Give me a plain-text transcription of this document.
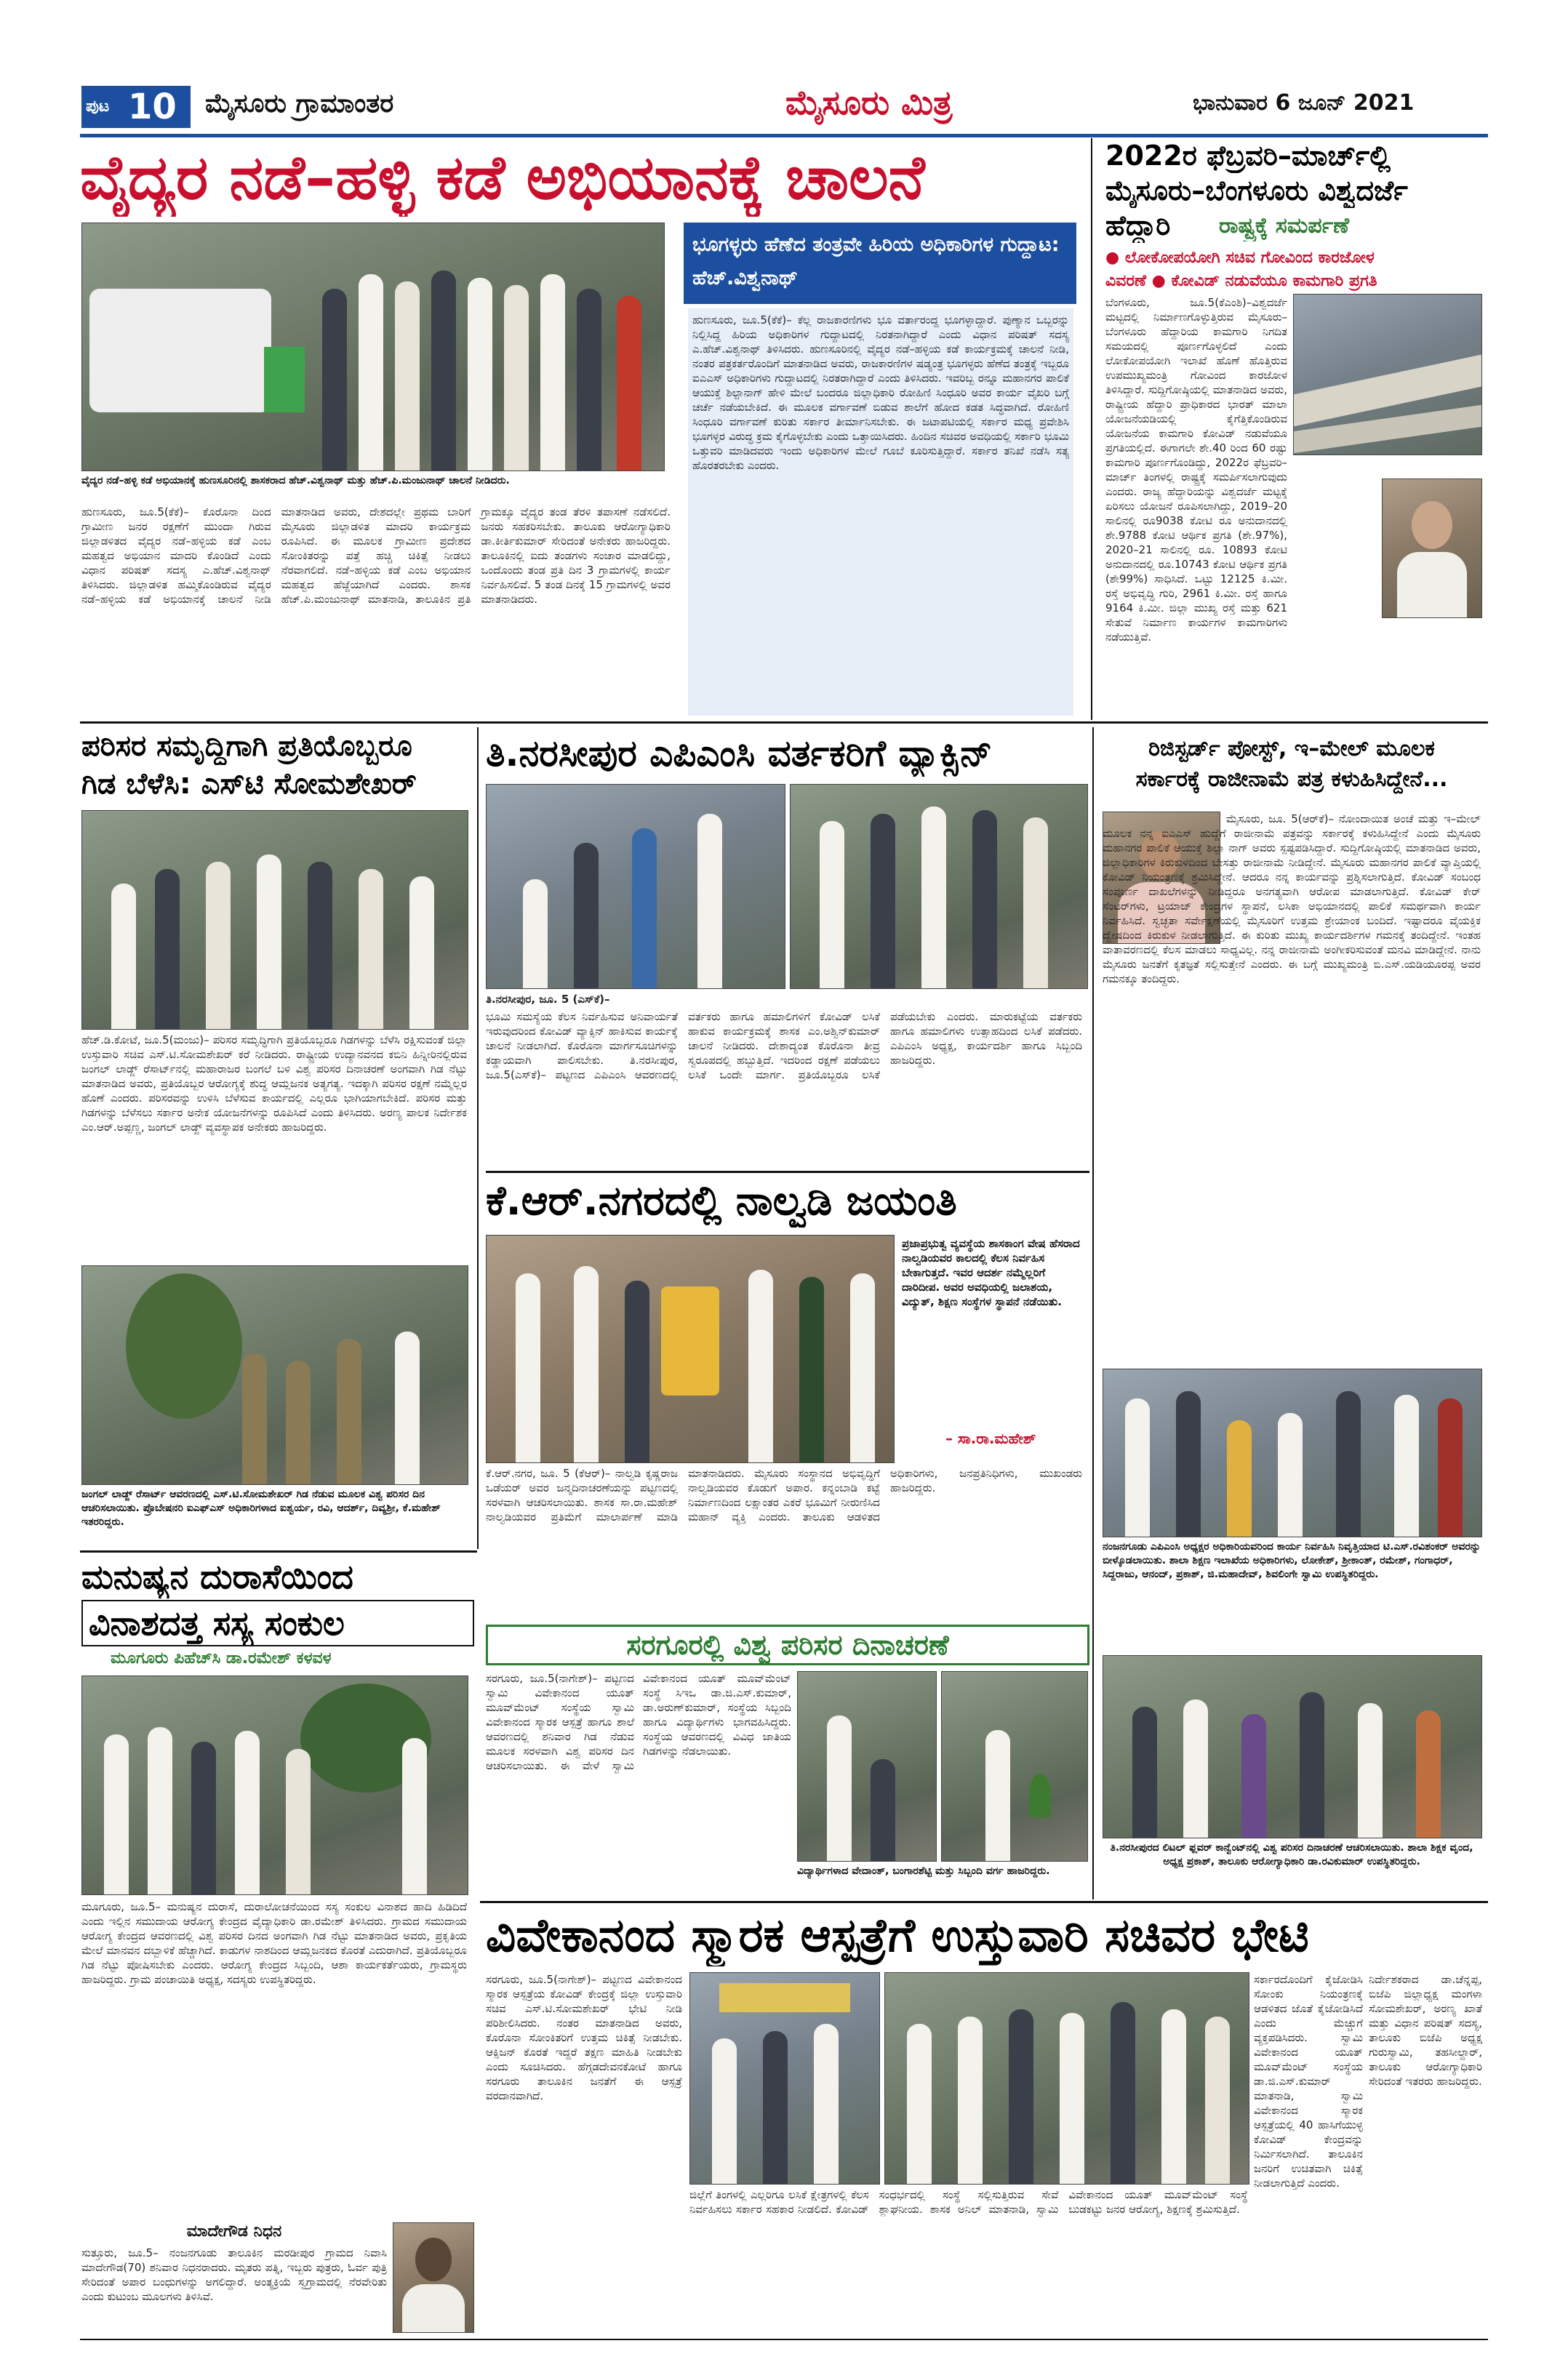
ಪುಟ 10 ಮೈಸೂರು ಗ್ರಾಮಾಂತರ	ಮೈಸೂರು ಮಿತ್ರ	ಭಾನುವಾರ 6 ಜೂನ್ 2021
ವೈದ್ಯರ ನಡೆ–ಹಳ್ಳಿ ಕಡೆ ಅಭಿಯಾನಕ್ಕೆ ಚಾಲನೆ
ವೈದ್ಯರ ನಡೆ–ಹಳ್ಳಿ ಕಡೆ ಅಭಿಯಾನಕ್ಕೆ ಹುಣಸೂರಿನಲ್ಲಿ ಶಾಸಕರಾದ ಹೆಚ್.ವಿಶ್ವನಾಥ್ ಮತ್ತು ಹೆಚ್.ಪಿ.ಮಂಜುನಾಥ್ ಚಾಲನೆ ನೀಡಿದರು.
ಹುಣಸೂರು, ಜೂ.5(ಕೆಕೆ)– ಕೊರೊನಾ ದಿಂದ ಗ್ರಾಮೀಣ ಜನರ ರಕ್ಷಣೆಗೆ ಮುಂದಾ ಗಿರುವ ಜಿಲ್ಲಾಡಳಿತದ ವೈದ್ಯರ ನಡೆ–ಹಳ್ಳಿಯ ಕಡೆ ಎಂಬ ಮಹತ್ವದ ಅಭಿಯಾನ ಮಾದರಿ ಕೊಂಡಿದೆ ಎಂದು ವಿಧಾನ ಪರಿಷತ್ ಸದಸ್ಯ ಎ.ಹೆಚ್.ವಿಶ್ವನಾಥ್ ತಿಳಿಸಿದರು. ಜಿಲ್ಲಾಡಳಿತ ಹಮ್ಮಿಕೊಂಡಿರುವ ವೈದ್ಯರ ನಡೆ–ಹಳ್ಳಿಯ ಕಡೆ ಅಭಿಯಾನಕ್ಕೆ ಚಾಲನೆ ನೀಡಿ ಮಾತನಾಡಿದ ಅವರು, ದೇಶದಲ್ಲೇ ಪ್ರಥಮ ಬಾರಿಗೆ ಮೈಸೂರು ಜಿಲ್ಲಾಡಳಿತ ಮಾದರಿ ಕಾರ್ಯಕ್ರಮ ರೂಪಿಸಿದೆ. ಈ ಮೂಲಕ ಗ್ರಾಮೀಣ ಪ್ರದೇಶದ ಸೋಂಕಿತರನ್ನು ಪತ್ತೆ ಹಚ್ಚಿ ಚಿಕಿತ್ಸೆ ನೀಡಲು ನೆರವಾಗಲಿದೆ. ನಡೆ–ಹಳ್ಳಿಯ ಕಡೆ ಎಂಬ ಅಭಿಯಾನ ಮಹತ್ವದ ಹೆಜ್ಜೆಯಾಗಿದೆ ಎಂದರು. ಶಾಸಕ ಹೆಚ್.ಪಿ.ಮಂಜುನಾಥ್ ಮಾತನಾಡಿ, ತಾಲೂಕಿನ ಪ್ರತಿ ಗ್ರಾಮಕ್ಕೂ ವೈದ್ಯರ ತಂಡ ತೆರಳಿ ತಪಾಸಣೆ ನಡೆಸಲಿದೆ. ಜನರು ಸಹಕರಿಸಬೇಕು. ತಾಲೂಕು ಆರೋಗ್ಯಾಧಿಕಾರಿ ಡಾ.ಕೀರ್ತಿಕುಮಾರ್ ಸೇರಿದಂತೆ ಅನೇಕರು ಹಾಜರಿದ್ದರು. ತಾಲೂಕಿನಲ್ಲಿ ಐದು ತಂಡಗಳು ಸಂಚಾರ ಮಾಡಲಿದ್ದು, ಒಂದೊಂದು ತಂಡ ಪ್ರತಿ ದಿನ 3 ಗ್ರಾಮಗಳಲ್ಲಿ ಕಾರ್ಯ ನಿರ್ವಹಿಸಲಿವೆ. 5 ತಂಡ ದಿನಕ್ಕೆ 15 ಗ್ರಾಮಗಳಲ್ಲಿ ಅವರ ಮಾತನಾಡಿದರು.
ಭೂಗಳ್ಳರು ಹೆಣೆದ ತಂತ್ರವೇ ಹಿರಿಯ ಅಧಿಕಾರಿಗಳ ಗುದ್ದಾಟ: ಹೆಚ್.ವಿಶ್ವನಾಥ್
ಹುಣಸೂರು, ಜೂ.5(ಕೆಕೆ)– ಕೆಲ್ಲ ರಾಜಕಾರಣಿಗಳು ಭೂ ವರ್ತಾರಂದ್ದ ಭೂಗಳ್ಳಾದ್ದಾರೆ. ಪುಣ್ಯಾನ ಒಬ್ಬರನ್ನು ನಿಲ್ಲಿಸಿದ್ದ ಹಿರಿಯ ಅಧಿಕಾರಿಗಳ ಗುದ್ದಾಟದಲ್ಲಿ ನಿರತನಾಗಿದ್ದಾರೆ ಎಂದು ವಿಧಾನ ಪರಿಷತ್ ಸದಸ್ಯ ಎ.ಹೆಚ್.ವಿಶ್ವನಾಥ್ ತಿಳಿಸಿದರು. ಹುಣಸೂರಿನಲ್ಲಿ ವೈದ್ಯರ ನಡೆ–ಹಳ್ಳಿಯ ಕಡೆ ಕಾರ್ಯಕ್ರಮಕ್ಕೆ ಚಾಲನೆ ನೀಡಿ, ನಂತರ ಪತ್ರಕರ್ತರೊಂದಿಗೆ ಮಾತನಾಡಿದ ಅವರು, ರಾಜಕಾರಣಿಗಳ ಷಡ್ಯಂತ್ರ ಭೂಗಳ್ಳರು ಹೆಣೆದ ತಂತ್ರಕ್ಕೆ ಇಬ್ಬರೂ ಐಎಎಸ್ ಅಧಿಕಾರಿಗಳು ಗುದ್ದಾಟದಲ್ಲಿ ನಿರತರಾಗಿದ್ದಾರೆ ಎಂದು ತಿಳಿಸಿದರು. ಇವರಿಬ್ಬ ರನ್ನೂ ಮಹಾನಗರ ಪಾಲಿಕೆ ಆಯುಕ್ತೆ ಶಿಲ್ಪಾನಾಗ್ ಹೇಳಿ ಮೇಲೆ ಬಂದರೂ ಜಿಲ್ಲಾಧಿಕಾರಿ ರೋಹಿಣಿ ಸಿಂಧೂರಿ ಅವರ ಕಾರ್ಯ ವೈಖರಿ ಬಗ್ಗೆ ಚರ್ಚೆ ನಡೆಯಬೇಕಿದೆ. ಈ ಮೂಲಕ ವರ್ಗಾವಣೆ ಬಿಡುವ ಶಾಲೆಗೆ ಹೋದ ಕಡತ ಸಿದ್ಧವಾಗಿದೆ. ರೋಹಿಣಿ ಸಿಂಧೂರಿ ವರ್ಗಾವಣೆ ಕುರಿತು ಸರ್ಕಾರ ತೀರ್ಮಾನಿಸಬೇಕು. ಈ ಜಟಾಪಟಿಯಲ್ಲಿ ಸರ್ಕಾರ ಮಧ್ಯ ಪ್ರವೇಶಿಸಿ ಭೂಗಳ್ಳರ ವಿರುದ್ಧ ಕ್ರಮ ಕೈಗೊಳ್ಳಬೇಕು ಎಂದು ಒತ್ತಾಯಿಸಿದರು. ಹಿಂದಿನ ಸಚಿವರ ಅವಧಿಯಲ್ಲಿ ಸರ್ಕಾರಿ ಭೂಮಿ ಒತ್ತುವರಿ ಮಾಡಿದವರು ಇಂದು ಅಧಿಕಾರಿಗಳ ಮೇಲೆ ಗೂಬೆ ಕೂರಿಸುತ್ತಿದ್ದಾರೆ. ಸರ್ಕಾರ ತನಿಖೆ ನಡೆಸಿ ಸತ್ಯ ಹೊರತರಬೇಕು ಎಂದರು.
2022ರ ಫೆಬ್ರವರಿ–ಮಾರ್ಚ್‌ಲ್ಲಿ
ಮೈಸೂರು–ಬೆಂಗಳೂರು ವಿಶ್ವದರ್ಜೆ
ಹೆದ್ದಾರಿ ರಾಷ್ಟ್ರಕ್ಕೆ ಸಮರ್ಪಣೆ
● ಲೋಕೋಪಯೋಗಿ ಸಚಿವ ಗೋವಿಂದ ಕಾರಜೋಳ
ವಿವರಣೆ ● ಕೋವಿಡ್ ನಡುವೆಯೂ ಕಾಮಗಾರಿ ಪ್ರಗತಿ
ಬೆಂಗಳೂರು, ಜೂ.5(ಕೆಎಂಶಿ)–ವಿಶ್ವದರ್ಜೆ ಮಟ್ಟದಲ್ಲಿ ನಿರ್ಮಾಣಗೊಳ್ಳುತ್ತಿರುವ ಮೈಸೂರು–ಬೆಂಗಳೂರು ಹೆದ್ದಾರಿಯ ಕಾಮಗಾರಿ ನಿಗದಿತ ಸಮಯದಲ್ಲಿ ಪೂರ್ಣಗೊಳ್ಳಲಿದೆ ಎಂದು ಲೋಕೋಪಯೋಗಿ ಇಲಾಖೆ ಹೊಣೆ ಹೊತ್ತಿರುವ ಉಪಮುಖ್ಯಮಂತ್ರಿ ಗೋವಿಂದ ಕಾರಜೋಳ ತಿಳಿಸಿದ್ದಾರೆ. ಸುದ್ದಿಗೋಷ್ಠಿಯಲ್ಲಿ ಮಾತನಾಡಿದ ಅವರು, ರಾಷ್ಟ್ರೀಯ ಹೆದ್ದಾರಿ ಪ್ರಾಧಿಕಾರದ ಭಾರತ್ ಮಾಲಾ ಯೋಜನೆಯಡಿಯಲ್ಲಿ ಕೈಗೆತ್ತಿಕೊಂಡಿರುವ ಯೋಜನೆಯ ಕಾಮಗಾರಿ ಕೋವಿಡ್ ನಡುವೆಯೂ ಪ್ರಗತಿಯಲ್ಲಿದೆ. ಈಗಾಗಲೇ ಶೇ.40 ರಿಂದ 60 ರಷ್ಟು ಕಾಮಗಾರಿ ಪೂರ್ಣಗೊಂಡಿದ್ದು, 2022ರ ಫೆಬ್ರವರಿ–ಮಾರ್ಚ್ ತಿಂಗಳಲ್ಲಿ ರಾಷ್ಟ್ರಕ್ಕೆ ಸಮರ್ಪಿಸಲಾಗುವುದು ಎಂದರು. ರಾಜ್ಯ ಹೆದ್ದಾರಿಯನ್ನು ವಿಶ್ವದರ್ಜೆ ಮಟ್ಟಕ್ಕೆ ಏರಿಸಲು ಯೋಜನೆ ರೂಪಿಸಲಾಗಿದ್ದು, 2019–20 ಸಾಲಿನಲ್ಲಿ ರೂ9038 ಕೋಟಿ ರೂ ಅನುದಾನದಲ್ಲಿ ಶೇ.9788 ಕೋಟಿ ಆರ್ಥಿಕ ಪ್ರಗತಿ (ಶೇ.97%), 2020–21 ಸಾಲಿನಲ್ಲಿ ರೂ. 10893 ಕೋಟಿ ಅನುದಾನದಲ್ಲಿ ರೂ.10743 ಕೋಟಿ ಆರ್ಥಿಕ ಪ್ರಗತಿ (ಶೇ99%) ಸಾಧಿಸಿದೆ. ಒಟ್ಟು 12125 ಕಿ.ಮೀ. ರಸ್ತೆ ಅಭಿವೃದ್ಧಿ ಗುರಿ, 2961 ಕಿ.ಮೀ. ರಸ್ತೆ ಹಾಗೂ 9164 ಕಿ.ಮೀ. ಜಿಲ್ಲಾ ಮುಖ್ಯ ರಸ್ತೆ ಮತ್ತು 621 ಸೇತುವೆ ನಿರ್ಮಾಣ ಕಾರ್ಯಗಳ ಕಾಮಗಾರಿಗಳು ನಡೆಯುತ್ತಿವೆ.
ಪರಿಸರ ಸಮೃದ್ಧಿಗಾಗಿ ಪ್ರತಿಯೊಬ್ಬರೂ
ಗಿಡ ಬೆಳೆಸಿ: ಎಸ್‌ಟಿ ಸೋಮಶೇಖರ್
ಹೆಚ್.ಡಿ.ಕೋಟೆ, ಜೂ.5(ಮಂಜು)– ಪರಿಸರ ಸಮೃದ್ಧಿಗಾಗಿ ಪ್ರತಿಯೊಬ್ಬರೂ ಗಿಡಗಳನ್ನು ಬೆಳೆಸಿ ರಕ್ಷಿಸುವಂತೆ ಜಿಲ್ಲಾ ಉಸ್ತುವಾರಿ ಸಚಿವ ಎಸ್.ಟಿ.ಸೋಮಶೇಖರ್ ಕರೆ ನೀಡಿದರು. ರಾಷ್ಟ್ರೀಯ ಉದ್ಯಾನವನದ ಕಬಿನಿ ಹಿನ್ನೀರಿನಲ್ಲಿರುವ ಜಂಗಲ್ ಲಾಡ್ಜ್ ರೆಸಾರ್ಟ್‌ನಲ್ಲಿ ಮಹಾರಾಜರ ಬಂಗಲೆ ಬಳಿ ವಿಶ್ವ ಪರಿಸರ ದಿನಾಚರಣೆ ಅಂಗವಾಗಿ ಗಿಡ ನೆಟ್ಟು ಮಾತನಾಡಿದ ಅವರು, ಪ್ರತಿಯೊಬ್ಬರ ಆರೋಗ್ಯಕ್ಕೆ ಶುದ್ಧ ಆಮ್ಲಜನಕ ಅತ್ಯಗತ್ಯ. ಇದಕ್ಕಾಗಿ ಪರಿಸರ ರಕ್ಷಣೆ ನಮ್ಮೆಲ್ಲರ ಹೊಣೆ ಎಂದರು. ಪರಿಸರವನ್ನು ಉಳಿಸಿ ಬೆಳೆಸುವ ಕಾರ್ಯದಲ್ಲಿ ಎಲ್ಲರೂ ಭಾಗಿಯಾಗಬೇಕಿದೆ. ಪರಿಸರ ಮತ್ತು ಗಿಡಗಳನ್ನು ಬೆಳೆಸಲು ಸರ್ಕಾರ ಅನೇಕ ಯೋಜನೆಗಳನ್ನು ರೂಪಿಸಿದೆ ಎಂದು ತಿಳಿಸಿದರು. ಅರಣ್ಯ ಪಾಲಕ ನಿರ್ದೇಶಕ ಎಂ.ಆರ್.ಅಪ್ಪಣ್ಣ, ಜಂಗಲ್ ಲಾಡ್ಜ್ ವ್ಯವಸ್ಥಾಪಕ ಅನೇಕರು ಹಾಜರಿದ್ದರು.
ಜಂಗಲ್ ಲಾಡ್ಜ್ ರೆಸಾರ್ಟ್ ಆವರಣದಲ್ಲಿ ಎಸ್.ಟಿ.ಸೋಮಶೇಖರ್ ಗಿಡ ನೆಡುವ ಮೂಲಕ ವಿಶ್ವ ಪರಿಸರ ದಿನ ಆಚರಿಸಲಾಯಿತು. ಪ್ರೊಬೇಷನರಿ ಐಎಫ್‌ಎಸ್ ಅಧಿಕಾರಿಗಳಾದ ಐಶ್ವರ್ಯ, ರವಿ, ಆದರ್ಶ್, ದಿವ್ಯಶ್ರೀ, ಕೆ.ಮಹೇಶ್ ಇತರರಿದ್ದರು.
ತಿ.ನರಸೀಪುರ ಎಪಿಎಂಸಿ ವರ್ತಕರಿಗೆ ವ್ಯಾಕ್ಸಿನ್
ತಿ.ನರಸೀಪುರ, ಜೂ. 5 (ಎಸ್‌ಕೆ)–
ಭೂಮಿ ಸಮಸ್ಯೆಯ ಕೆಲಸ ನಿರ್ವಹಿಸುವ ಅನಿವಾರ್ಯತೆ ಇರುವುದರಿಂದ ಕೋವಿಡ್ ವ್ಯಾಕ್ಸಿನ್ ಹಾಕಿಸುವ ಕಾರ್ಯಕ್ಕೆ ಚಾಲನೆ ನೀಡಲಾಗಿದೆ. ಕೊರೊನಾ ಮಾರ್ಗಸೂಚಿಗಳನ್ನು ಕಡ್ಡಾಯವಾಗಿ ಪಾಲಿಸಬೇಕು. ತಿ.ನರಸೀಪುರ, ಜೂ.5(ಎಸ್‌ಕೆ)– ಪಟ್ಟಣದ ಎಪಿಎಂಸಿ ಆವರಣದಲ್ಲಿ ವರ್ತಕರು ಹಾಗೂ ಹಮಾಲಿಗಳಿಗೆ ಕೋವಿಡ್ ಲಸಿಕೆ ಹಾಕುವ ಕಾರ್ಯಕ್ರಮಕ್ಕೆ ಶಾಸಕ ಎಂ.ಅಶ್ವಿನ್‌ಕುಮಾರ್ ಚಾಲನೆ ನೀಡಿದರು. ದೇಶಾದ್ಯಂತ ಕೊರೊನಾ ತೀವ್ರ ಸ್ವರೂಪದಲ್ಲಿ ಹಬ್ಬುತ್ತಿದೆ. ಇದರಿಂದ ರಕ್ಷಣೆ ಪಡೆಯಲು ಲಸಿಕೆ ಒಂದೇ ಮಾರ್ಗ. ಪ್ರತಿಯೊಬ್ಬರೂ ಲಸಿಕೆ ಪಡೆಯಬೇಕು ಎಂದರು. ಮಾರುಕಟ್ಟೆಯ ವರ್ತಕರು ಹಾಗೂ ಹಮಾಲಿಗಳು ಉತ್ಸಾಹದಿಂದ ಲಸಿಕೆ ಪಡೆದರು. ಎಪಿಎಂಸಿ ಅಧ್ಯಕ್ಷ, ಕಾರ್ಯದರ್ಶಿ ಹಾಗೂ ಸಿಬ್ಬಂದಿ ಹಾಜರಿದ್ದರು.
ಕೆ.ಆರ್.ನಗರದಲ್ಲಿ ನಾಲ್ವಡಿ ಜಯಂತಿ
ಪ್ರಜಾಪ್ರಭುತ್ವ ವ್ಯವಸ್ಥೆಯ ಶಾಸಕಾಂಗ ವೇಷ ಹೆಸರಾದ ನಾಲ್ವಡಿಯವರ ಕಾಲದಲ್ಲಿ ಕೆಲಸ ನಿರ್ವಹಿಸ ಬೇಕಾಗುತ್ತದೆ. ಇವರ ಆದರ್ಶ ನಮ್ಮೆಲ್ಲರಿಗೆ ದಾರಿದೀಪ. ಅವರ ಅವಧಿಯಲ್ಲಿ ಜಲಾಶಯ, ವಿದ್ಯುತ್, ಶಿಕ್ಷಣ ಸಂಸ್ಥೆಗಳ ಸ್ಥಾಪನೆ ನಡೆಯಿತು.
– ಸಾ.ರಾ.ಮಹೇಶ್
ಕೆ.ಆರ್.ನಗರ, ಜೂ. 5 (ಕೆಆರ್‌)– ನಾಲ್ವಡಿ ಕೃಷ್ಣರಾಜ ಒಡೆಯರ್ ಅವರ ಜನ್ಮದಿನಾಚರಣೆಯನ್ನು ಪಟ್ಟಣದಲ್ಲಿ ಸರಳವಾಗಿ ಆಚರಿಸಲಾಯಿತು. ಶಾಸಕ ಸಾ.ರಾ.ಮಹೇಶ್ ನಾಲ್ವಡಿಯವರ ಪ್ರತಿಮೆಗೆ ಮಾಲಾರ್ಪಣೆ ಮಾಡಿ ಮಾತನಾಡಿದರು. ಮೈಸೂರು ಸಂಸ್ಥಾನದ ಅಭಿವೃದ್ಧಿಗೆ ನಾಲ್ವಡಿಯವರ ಕೊಡುಗೆ ಅಪಾರ. ಕನ್ನಂಬಾಡಿ ಕಟ್ಟೆ ನಿರ್ಮಾಣದಿಂದ ಲಕ್ಷಾಂತರ ಎಕರೆ ಭೂಮಿಗೆ ನೀರುಣಿಸಿದ ಮಹಾನ್ ವ್ಯಕ್ತಿ ಎಂದರು. ತಾಲೂಕು ಆಡಳಿತದ ಅಧಿಕಾರಿಗಳು, ಜನಪ್ರತಿನಿಧಿಗಳು, ಮುಖಂಡರು ಹಾಜರಿದ್ದರು.
ಮನುಷ್ಯನ ದುರಾಸೆಯಿಂದ
ವಿನಾಶದತ್ತ ಸಸ್ಯ ಸಂಕುಲ
ಮೂಗೂರು ಪಿಹೆಚ್‌ಸಿ ಡಾ.ರಮೇಶ್ ಕಳವಳ
ಮೂಗೂರು, ಜೂ.5– ಮನುಷ್ಯನ ದುರಾಸೆ, ದುರಾಲೋಚನೆಯಿಂದ ಸಸ್ಯ ಸಂಕುಲ ವಿನಾಶದ ಹಾದಿ ಹಿಡಿದಿದೆ ಎಂದು ಇಲ್ಲಿನ ಸಮುದಾಯ ಆರೋಗ್ಯ ಕೇಂದ್ರದ ವೈದ್ಯಾಧಿಕಾರಿ ಡಾ.ರಮೇಶ್ ತಿಳಿಸಿದರು. ಗ್ರಾಮದ ಸಮುದಾಯ ಆರೋಗ್ಯ ಕೇಂದ್ರದ ಆವರಣದಲ್ಲಿ ವಿಶ್ವ ಪರಿಸರ ದಿನದ ಅಂಗವಾಗಿ ಗಿಡ ನೆಟ್ಟು ಮಾತನಾಡಿದ ಅವರು, ಪ್ರಕೃತಿಯ ಮೇಲೆ ಮಾನವನ ದಬ್ಬಾಳಿಕೆ ಹೆಚ್ಚಾಗಿದೆ. ಕಾಡುಗಳ ನಾಶದಿಂದ ಆಮ್ಲಜನಕದ ಕೊರತೆ ಎದುರಾಗಿದೆ. ಪ್ರತಿಯೊಬ್ಬರೂ ಗಿಡ ನೆಟ್ಟು ಪೋಷಿಸಬೇಕು ಎಂದರು. ಆರೋಗ್ಯ ಕೇಂದ್ರದ ಸಿಬ್ಬಂದಿ, ಆಶಾ ಕಾರ್ಯಕರ್ತೆಯರು, ಗ್ರಾಮಸ್ಥರು ಹಾಜರಿದ್ದರು. ಗ್ರಾಮ ಪಂಚಾಯಿತಿ ಅಧ್ಯಕ್ಷ, ಸದಸ್ಯರು ಉಪಸ್ಥಿತರಿದ್ದರು.
ಮಾದೇಗೌಡ ನಿಧನ
ಸುತ್ತೂರು, ಜೂ.5– ನಂಜನಗೂಡು ತಾಲೂಕಿನ ಮರಡೀಪುರ ಗ್ರಾಮದ ನಿವಾಸಿ ಮಾದೇಗೌಡ(70) ಶನಿವಾರ ನಿಧನರಾದರು. ಮೃತರು ಪತ್ನಿ, ಇಬ್ಬರು ಪುತ್ರರು, ಓರ್ವ ಪುತ್ರಿ ಸೇರಿದಂತೆ ಅಪಾರ ಬಂಧುಗಳನ್ನು ಅಗಲಿದ್ದಾರೆ. ಅಂತ್ಯಕ್ರಿಯೆ ಸ್ವಗ್ರಾಮದಲ್ಲಿ ನೆರವೇರಿತು ಎಂದು ಕುಟುಂಬ ಮೂಲಗಳು ತಿಳಿಸಿವೆ.
ಸರಗೂರಲ್ಲಿ ವಿಶ್ವ ಪರಿಸರ ದಿನಾಚರಣೆ
ಸರಗೂರು, ಜೂ.5(ನಾಗೇಶ್)– ಪಟ್ಟಣದ ಸ್ವಾಮಿ ವಿವೇಕಾನಂದ ಯೂತ್ ಮೂವ್‌ಮೆಂಟ್ ಸಂಸ್ಥೆಯ ಸ್ವಾಮಿ ವಿವೇಕಾನಂದ ಸ್ಮಾರಕ ಆಸ್ಪತ್ರೆ ಹಾಗೂ ಶಾಲೆ ಆವರಣದಲ್ಲಿ ಶನಿವಾರ ಗಿಡ ನೆಡುವ ಮೂಲಕ ಸರಳವಾಗಿ ವಿಶ್ವ ಪರಿಸರ ದಿನ ಆಚರಿಸಲಾಯಿತು. ಈ ವೇಳೆ ಸ್ವಾಮಿ ವಿವೇಕಾನಂದ ಯೂತ್ ಮೂವ್‌ಮೆಂಟ್ ಸಂಸ್ಥೆ ಸಿಇಒ ಡಾ.ಜಿ.ಎಸ್.ಕುಮಾರ್, ಡಾ.ಅರುಣ್‌ಕುಮಾರ್, ಸಂಸ್ಥೆಯ ಸಿಬ್ಬಂದಿ ಹಾಗೂ ವಿದ್ಯಾರ್ಥಿಗಳು ಭಾಗವಹಿಸಿದ್ದರು. ಸಂಸ್ಥೆಯ ಆವರಣದಲ್ಲಿ ವಿವಿಧ ಜಾತಿಯ ಗಿಡಗಳನ್ನು ನೆಡಲಾಯಿತು.
ವಿದ್ಯಾರ್ಥಿಗಳಾದ ವೇದಾಂತ್, ಬಂಗಾರಶೆಟ್ಟಿ ಮತ್ತು ಸಿಬ್ಬಂದಿ ವರ್ಗ ಹಾಜರಿದ್ದರು.
ರಿಜಿಸ್ಟರ್ಡ್ ಪೋಸ್ಟ್, ಇ–ಮೇಲ್ ಮೂಲಕ
ಸರ್ಕಾರಕ್ಕೆ ರಾಜೀನಾಮೆ ಪತ್ರ ಕಳುಹಿಸಿದ್ದೇನೆ...
ಮೈಸೂರು, ಜೂ. 5(ಆರ್‌ಕೆ)– ನೋಂದಾಯಿತ ಅಂಚೆ ಮತ್ತು ಇ–ಮೇಲ್ ಮೂಲಕ ನನ್ನ ಐಎಎಸ್ ಹುದ್ದೆಗೆ ರಾಜೀನಾಮೆ ಪತ್ರವನ್ನು ಸರ್ಕಾರಕ್ಕೆ ಕಳುಹಿಸಿದ್ದೇನೆ ಎಂದು ಮೈಸೂರು ಮಹಾನಗರ ಪಾಲಿಕೆ ಆಯುಕ್ತೆ ಶಿಲ್ಪಾ ನಾಗ್ ಅವರು ಸ್ಪಷ್ಟಪಡಿಸಿದ್ದಾರೆ. ಸುದ್ದಿಗೋಷ್ಠಿಯಲ್ಲಿ ಮಾತನಾಡಿದ ಅವರು, ಜಿಲ್ಲಾಧಿಕಾರಿಗಳ ಕಿರುಕುಳದಿಂದ ಬೇಸತ್ತು ರಾಜೀನಾಮೆ ನೀಡಿದ್ದೇನೆ. ಮೈಸೂರು ಮಹಾನಗರ ಪಾಲಿಕೆ ವ್ಯಾಪ್ತಿಯಲ್ಲಿ ಕೋವಿಡ್ ನಿಯಂತ್ರಣಕ್ಕೆ ಶ್ರಮಿಸಿದ್ದೇನೆ. ಆದರೂ ನನ್ನ ಕಾರ್ಯವನ್ನು ಪ್ರಶ್ನಿಸಲಾಗುತ್ತಿದೆ. ಕೋವಿಡ್ ಸಂಬಂಧ ಸಂಪೂರ್ಣ ದಾಖಲೆಗಳನ್ನು ನೀಡಿದ್ದರೂ ಅನಗತ್ಯವಾಗಿ ಆರೋಪ ಮಾಡಲಾಗುತ್ತಿದೆ. ಕೋವಿಡ್ ಕೇರ್ ಸೆಂಟರ್‌ಗಳು, ಟ್ರಯಾಜ್ ಕೇಂದ್ರಗಳ ಸ್ಥಾಪನೆ, ಲಸಿಕಾ ಅಭಿಯಾನದಲ್ಲಿ ಪಾಲಿಕೆ ಸಮರ್ಥವಾಗಿ ಕಾರ್ಯ ನಿರ್ವಹಿಸಿದೆ. ಸ್ವಚ್ಛತಾ ಸರ್ವೇಕ್ಷಣೆಯಲ್ಲಿ ಮೈಸೂರಿಗೆ ಉತ್ತಮ ಶ್ರೇಯಾಂಕ ಬಂದಿದೆ. ಇಷ್ಟಾದರೂ ವೈಯಕ್ತಿಕ ದ್ವೇಷದಿಂದ ಕಿರುಕುಳ ನೀಡಲಾಗುತ್ತಿದೆ. ಈ ಕುರಿತು ಮುಖ್ಯ ಕಾರ್ಯದರ್ಶಿಗಳ ಗಮನಕ್ಕೆ ತಂದಿದ್ದೇನೆ. ಇಂತಹ ವಾತಾವರಣದಲ್ಲಿ ಕೆಲಸ ಮಾಡಲು ಸಾಧ್ಯವಿಲ್ಲ. ನನ್ನ ರಾಜೀನಾಮೆ ಅಂಗೀಕರಿಸುವಂತೆ ಮನವಿ ಮಾಡಿದ್ದೇನೆ. ನಾನು ಮೈಸೂರು ಜನತೆಗೆ ಕೃತಜ್ಞತೆ ಸಲ್ಲಿಸುತ್ತೇನೆ ಎಂದರು. ಈ ಬಗ್ಗೆ ಮುಖ್ಯಮಂತ್ರಿ ಬಿ.ಎಸ್.ಯಡಿಯೂರಪ್ಪ ಅವರ ಗಮನಕ್ಕೂ ತಂದಿದ್ದರು.
ನಂಜನಗೂಡು ಎಪಿಎಂಸಿ ಅಧ್ಯಕ್ಷರ ಅಧಿಕಾರಿಯವರಿಂದ ಕಾರ್ಯ ನಿರ್ವಹಿಸಿ ನಿವೃತ್ತಿಯಾದ ಟಿ.ಎಸ್.ರವಿಶಂಕರ್ ಅವರನ್ನು ಬೀಳ್ಕೊಡಲಾಯಿತು. ಶಾಲಾ ಶಿಕ್ಷಣ ಇಲಾಖೆಯ ಅಧಿಕಾರಿಗಳು, ಲೋಕೇಶ್, ಶ್ರೀಕಾಂತ್, ರಮೇಶ್, ಗಂಗಾಧರ್, ಸಿದ್ದರಾಜು, ಆನಂದ್, ಪ್ರಕಾಶ್, ಜಿ.ಮಹಾದೇವ್, ಶಿವಲಿಂಗೇ ಸ್ವಾಮಿ ಉಪಸ್ಥಿತರಿದ್ದರು.
ತಿ.ನರಸೀಪುರದ ಲಿಟಲ್ ಫ್ಲವರ್ ಕಾನ್ವೆಂಟ್‌ನಲ್ಲಿ ವಿಶ್ವ ಪರಿಸರ ದಿನಾಚರಣೆ ಆಚರಿಸಲಾಯಿತು. ಶಾಲಾ ಶಿಕ್ಷಕ ವೃಂದ, ಅಧ್ಯಕ್ಷ ಪ್ರಕಾಶ್, ತಾಲೂಕು ಆರೋಗ್ಯಾಧಿಕಾರಿ ಡಾ.ರವಿಕುಮಾರ್ ಉಪಸ್ಥಿತರಿದ್ದರು.
ವಿವೇಕಾನಂದ ಸ್ಮಾರಕ ಆಸ್ಪತ್ರೆಗೆ ಉಸ್ತುವಾರಿ ಸಚಿವರ ಭೇಟಿ
ಸರಗೂರು, ಜೂ.5(ನಾಗೇಶ್)– ಪಟ್ಟಣದ ವಿವೇಕಾನಂದ ಸ್ಮಾರಕ ಆಸ್ಪತ್ರೆಯ ಕೋವಿಡ್ ಕೇಂದ್ರಕ್ಕೆ ಜಿಲ್ಲಾ ಉಸ್ತುವಾರಿ ಸಚಿವ ಎಸ್.ಟಿ.ಸೋಮಶೇಖರ್ ಭೇಟಿ ನೀಡಿ ಪರಿಶೀಲಿಸಿದರು. ನಂತರ ಮಾತನಾಡಿದ ಅವರು, ಕೊರೊನಾ ಸೋಂಕಿತರಿಗೆ ಉತ್ತಮ ಚಿಕಿತ್ಸೆ ನೀಡಬೇಕು. ಆಕ್ಸಿಜನ್ ಕೊರತೆ ಇದ್ದರೆ ತಕ್ಷಣ ಮಾಹಿತಿ ನೀಡಬೇಕು ಎಂದು ಸೂಚಿಸಿದರು. ಹೆಗ್ಗಡದೇವನಕೋಟೆ ಹಾಗೂ ಸರಗೂರು ತಾಲೂಕಿನ ಜನತೆಗೆ ಈ ಆಸ್ಪತ್ರೆ ವರದಾನವಾಗಿದೆ.
ಜಿಲ್ಲೆಗೆ ತಿಂಗಳಲ್ಲಿ ಎಲ್ಲರಿಗೂ ಲಸಿಕೆ ಕ್ಷೇತ್ರಗಳಲ್ಲಿ ಕೆಲಸ ನಿರ್ವಹಿಸಲು ಸರ್ಕಾರ ಸಹಕಾರ ನೀಡಲಿದೆ. ಕೋವಿಡ್ ಸಂಧರ್ಭದಲ್ಲಿ ಸಂಸ್ಥೆ ಸಲ್ಲಿಸುತ್ತಿರುವ ಸೇವೆ ಶ್ಲಾಘನೀಯ. ಶಾಸಕ ಅನಿಲ್ ಮಾತನಾಡಿ, ಸ್ವಾಮಿ ವಿವೇಕಾನಂದ ಯೂತ್ ಮೂವ್‌ಮೆಂಟ್ ಸಂಸ್ಥೆ ಬುಡಕಟ್ಟು ಜನರ ಆರೋಗ್ಯ, ಶಿಕ್ಷಣಕ್ಕೆ ಶ್ರಮಿಸುತ್ತಿದೆ.
ಸರ್ಕಾರದೊಂದಿಗೆ ಕೈಜೋಡಿಸಿ ಸೋಂಕು ನಿಯಂತ್ರಣಕ್ಕೆ ಆಡಳಿತದ ಜೊತೆ ಕೈಜೋಡಿಸಿದೆ ಎಂದು ಮೆಚ್ಚುಗೆ ವ್ಯಕ್ತಪಡಿಸಿದರು. ಸ್ವಾಮಿ ವಿವೇಕಾನಂದ ಯೂತ್ ಮೂವ್‌ಮೆಂಟ್ ಸಂಸ್ಥೆಯ ಡಾ.ಜಿ.ಎಸ್.ಕುಮಾರ್ ಮಾತನಾಡಿ, ಸ್ವಾಮಿ ವಿವೇಕಾನಂದ ಸ್ಮಾರಕ ಆಸ್ಪತ್ರೆಯಲ್ಲಿ 40 ಹಾಸಿಗೆಯುಳ್ಳ ಕೋವಿಡ್ ಕೇಂದ್ರವನ್ನು ನಿರ್ಮಿಸಲಾಗಿದೆ. ತಾಲೂಕಿನ ಜನರಿಗೆ ಉಚಿತವಾಗಿ ಚಿಕಿತ್ಸೆ ನೀಡಲಾಗುತ್ತಿದೆ ಎಂದರು.
ನಿರ್ದೇಶಕರಾದ ಡಾ.ಚೆನ್ನಪ್ಪ, ಬಿಜೆಪಿ ಜಿಲ್ಲಾಧ್ಯಕ್ಷ ಮಂಗಳಾ ಸೋಮಶೇಖರ್, ಅರಣ್ಯ ಖಾತೆ ಮತ್ತು ವಿಧಾನ ಪರಿಷತ್ ಸದಸ್ಯ, ತಾಲೂಕು ಬಿಜೆಪಿ ಅಧ್ಯಕ್ಷ ಗುರುಸ್ವಾಮಿ, ತಹಸೀಲ್ದಾರ್, ತಾಲೂಕು ಆರೋಗ್ಯಾಧಿಕಾರಿ ಸೇರಿದಂತೆ ಇತರರು ಹಾಜರಿದ್ದರು.
